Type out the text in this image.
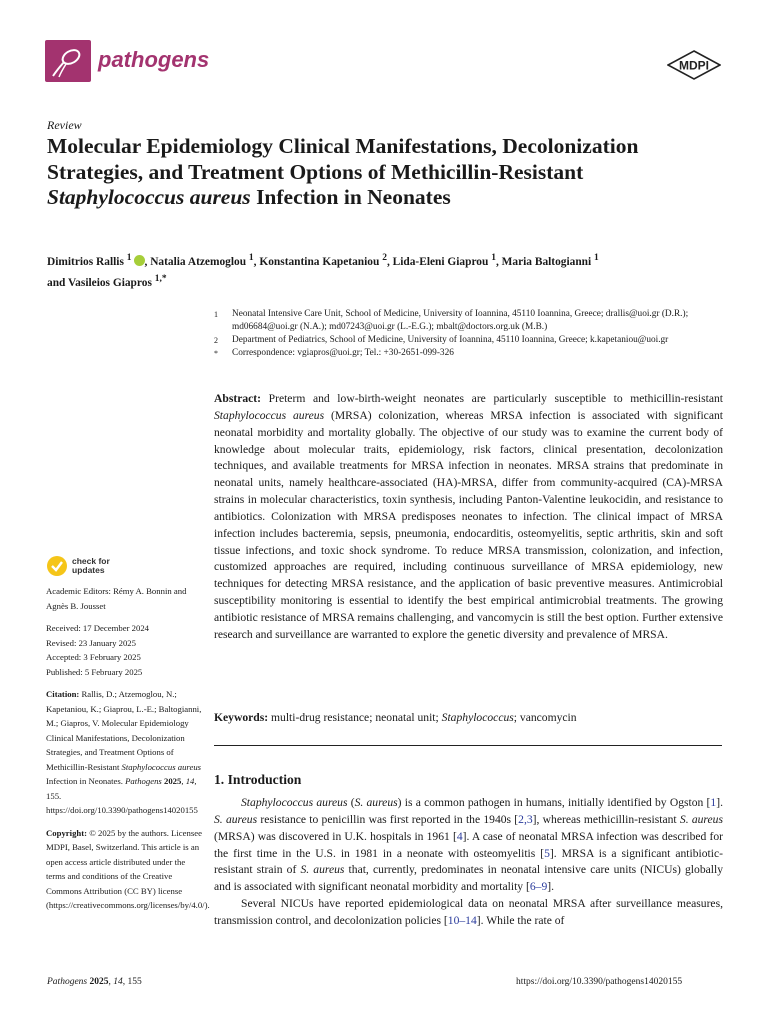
pathogens	MDPI
Review
Molecular Epidemiology Clinical Manifestations, Decolonization Strategies, and Treatment Options of Methicillin-Resistant Staphylococcus aureus Infection in Neonates
Dimitrios Rallis $^1$ , Natalia Atzemoglou $^1$, Konstantina Kapetaniou $^2$, Lida-Eleni Giaprou $^1$, Maria Baltogianni $^1$
and Vasileios Giapros $^{1,*}$
1	Neonatal Intensive Care Unit, School of Medicine, University of Ioannina, 45110 Ioannina, Greece; drallis@uoi.gr (D.R.); md06684@uoi.gr (N.A.); md07243@uoi.gr (L.-E.G.); mbalt@doctors.org.uk (M.B.)
2	Department of Pediatrics, School of Medicine, University of Ioannina, 45110 Ioannina, Greece; k.kapetaniou@uoi.gr
*	Correspondence: vgiapros@uoi.gr; Tel.: +30-2651-099-326

Abstract: Preterm and low-birth-weight neonates are particularly susceptible to methicillin-resistant Staphylococcus aureus (MRSA) colonization, whereas MRSA infection is associated with significant neonatal morbidity and mortality globally. The objective of our study was to examine the current body of knowledge about molecular traits, epidemiology, risk factors, clinical presentation, decolonization techniques, and available treatments for MRSA infection in neonates. MRSA strains that predominate in neonatal units, namely healthcare-associated (HA)-MRSA, differ from community-acquired (CA)-MRSA strains in molecular characteristics, toxin synthesis, including Panton-Valentine leukocidin, and resistance to antibiotics. Colonization with MRSA predisposes neonates to infection. The clinical impact of MRSA infection includes bacteremia, sepsis, pneumonia, endocarditis, osteomyelitis, septic arthritis, skin and soft tissue infections, and toxic shock syndrome. To reduce MRSA transmission, colonization, and infection, customized approaches are required, including continuous surveillance of MRSA epidemiology, new techniques for detecting MRSA resistance, and the application of basic preventive measures. Antimicrobial susceptibility monitoring is essential to identify the best empirical antimicrobial treatments. The growing antibiotic resistance of MRSA remains challenging, and vancomycin is still the best option. Further extensive research and surveillance are warranted to explore the genetic diversity and prevalence of MRSA.

Keywords: multi-drug resistance; neonatal unit; Staphylococcus; vancomycin

1. Introduction

Staphylococcus aureus (S. aureus) is a common pathogen in humans, initially identified by Ogston [1]. S. aureus resistance to penicillin was first reported in the 1940s [2,3], whereas methicillin-resistant S. aureus (MRSA) was discovered in U.K. hospitals in 1961 [4]. A case of neonatal MRSA infection was described for the first time in the U.S. in 1981 in a neonate with osteomyelitis [5]. MRSA is a significant antibiotic-resistant strain of S. aureus that, currently, predominates in neonatal intensive care units (NICUs) globally and is associated with significant neonatal morbidity and mortality [6–9].

Several NICUs have reported epidemiological data on neonatal MRSA after surveillance measures, transmission control, and decolonization policies [10–14]. While the rate of

check for
updates

Academic Editors: Rémy A. Bonnin and Agnès B. Jousset

Received: 17 December 2024

Revised: 23 January 2025

Accepted: 3 February 2025

Published: 5 February 2025

Citation: Rallis, D.; Atzemoglou, N.; Kapetaniou, K.; Giaprou, L.-E.; Baltogianni, M.; Giapros, V. Molecular Epidemiology Clinical Manifestations, Decolonization Strategies, and Treatment Options of Methicillin-Resistant Staphylococcus aureus Infection in Neonates. Pathogens 2025, 14, 155. https://doi.org/10.3390/pathogens14020155

Copyright: © 2025 by the authors. Licensee MDPI, Basel, Switzerland. This article is an open access article distributed under the terms and conditions of the Creative Commons Attribution (CC BY) license (https://creativecommons.org/licenses/by/4.0/).

Pathogens 2025, 14, 155	https://doi.org/10.3390/pathogens14020155
